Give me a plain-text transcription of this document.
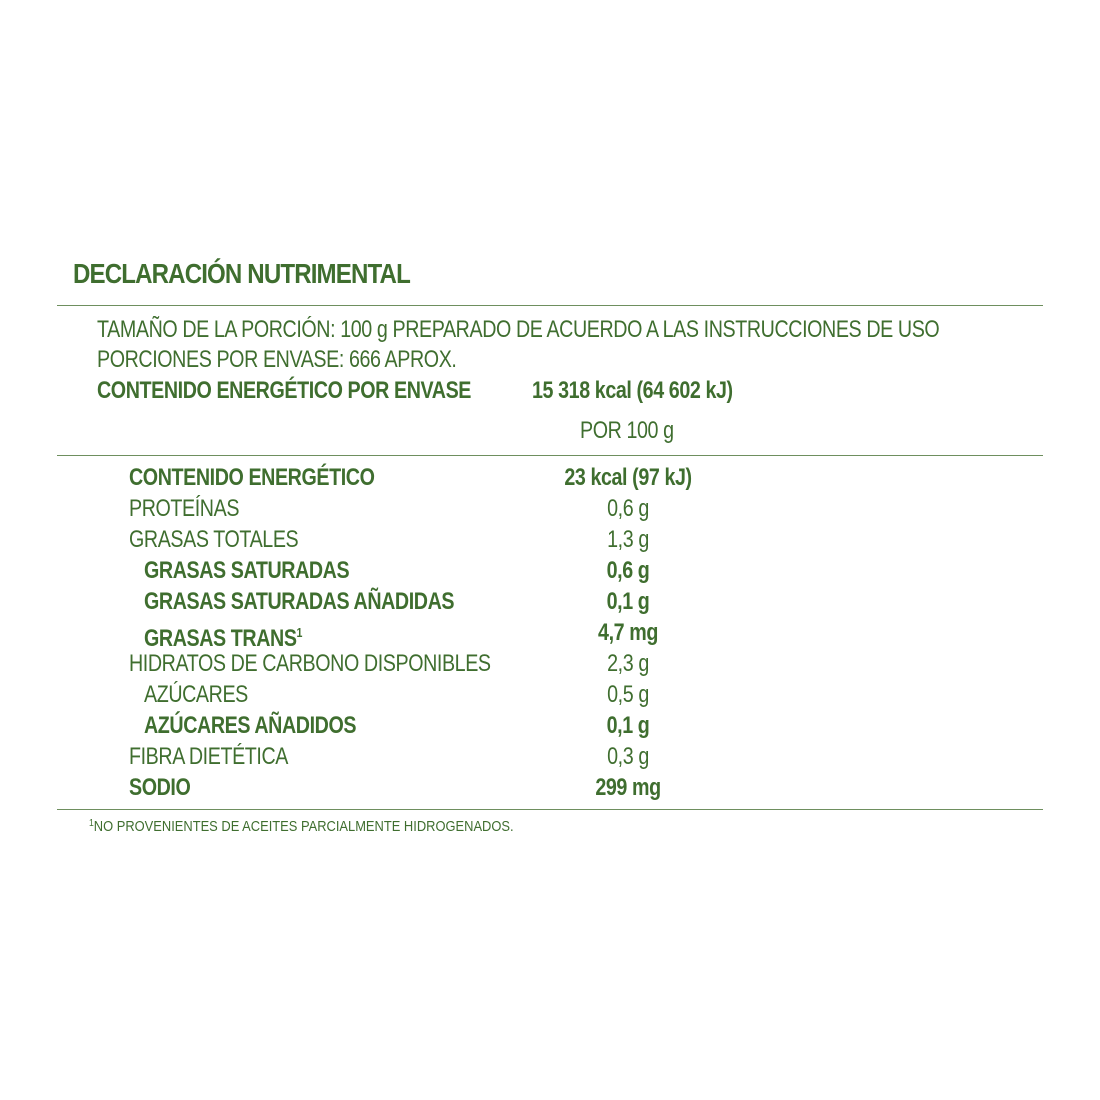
DECLARACIÓN NUTRIMENTAL
TAMAÑO DE LA PORCIÓN: 100 g PREPARADO DE ACUERDO A LAS INSTRUCCIONES DE USO
PORCIONES POR ENVASE: 666 APROX.
CONTENIDO ENERGÉTICO POR ENVASE	15 318 kcal (64 602 kJ)
POR 100 g
CONTENIDO ENERGÉTICO	23 kcal (97 kJ)
PROTEÍNAS	0,6 g
GRASAS TOTALES	1,3 g
GRASAS SATURADAS	0,6 g
GRASAS SATURADAS AÑADIDAS	0,1 g
GRASAS TRANS$^1$	4,7 mg
HIDRATOS DE CARBONO DISPONIBLES	2,3 g
AZÚCARES	0,5 g
AZÚCARES AÑADIDOS	0,1 g
FIBRA DIETÉTICA	0,3 g
SODIO	299 mg
$^1$NO PROVENIENTES DE ACEITES PARCIALMENTE HIDROGENADOS.
